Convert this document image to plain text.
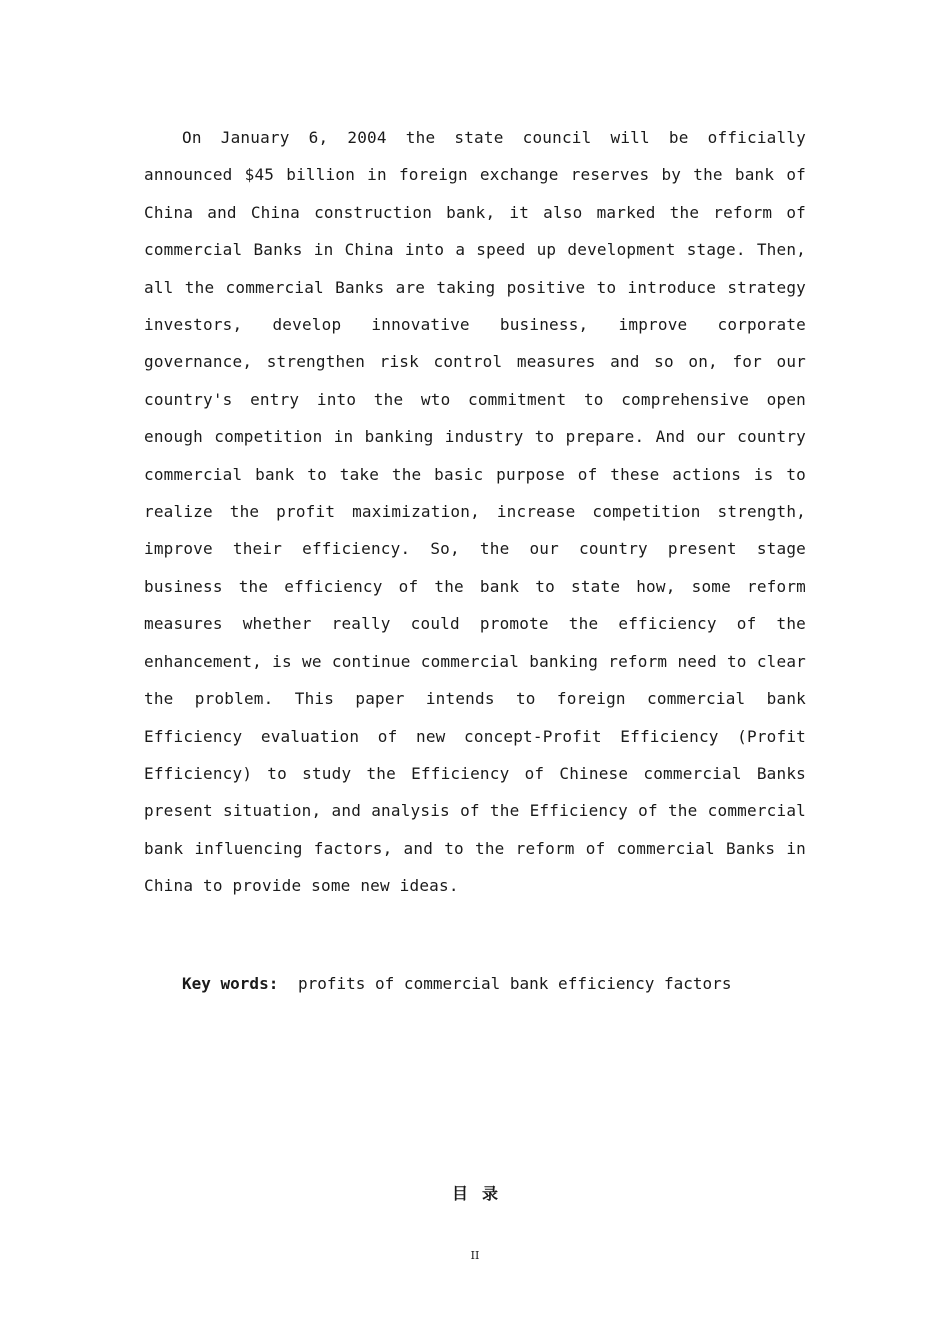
On January 6, 2004 the state council will be officially announced $45 billion in foreign exchange reserves by the bank of China and China construction bank, it also marked the reform of commercial Banks in China into a speed up development stage. Then, all the commercial Banks are taking positive to introduce strategy investors, develop innovative business, improve corporate governance, strengthen risk control measures and so on, for our country's entry into the wto commitment to comprehensive open enough competition in banking industry to prepare. And our country commercial bank to take the basic purpose of these actions is to realize the profit maximization, increase competition strength, improve their efficiency. So, the our country present stage business the efficiency of the bank to state how, some reform measures whether really could promote the efficiency of the enhancement, is we continue commercial banking reform need to clear the problem. This paper intends to foreign commercial bank Efficiency evaluation of new concept-Profit Efficiency (Profit Efficiency) to study the Efficiency of Chinese commercial Banks present situation, and analysis of the Efficiency of the commercial bank influencing factors, and to the reform of commercial Banks in China to provide some new ideas.

Key words: profits of commercial bank efficiency factors

目录
II
